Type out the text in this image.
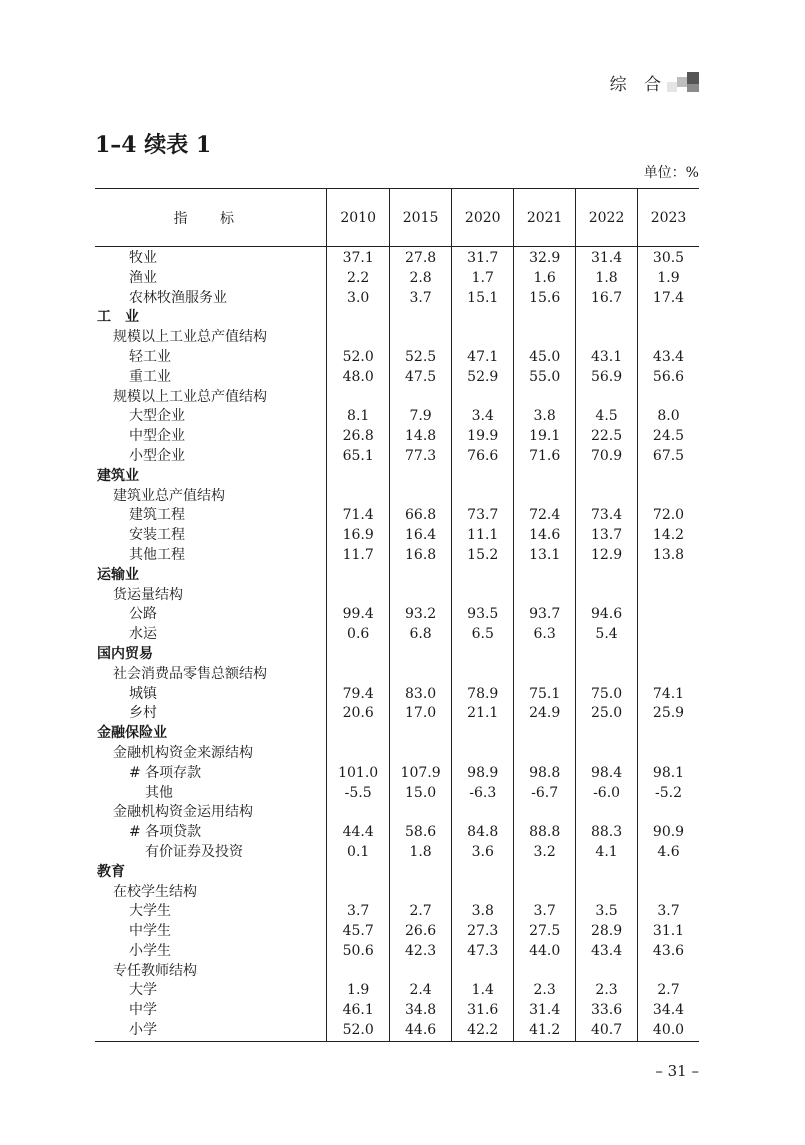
综 合
1–4 续表 1
单位：%
指 标	2010	2015	2020	2021	2022	2023
牧业	37.1	27.8	31.7	32.9	31.4	30.5
渔业	2.2	2.8	1.7	1.6	1.8	1.9
农林牧渔服务业	3.0	3.7	15.1	15.6	16.7	17.4
工　业						
规模以上工业总产值结构						
轻工业	52.0	52.5	47.1	45.0	43.1	43.4
重工业	48.0	47.5	52.9	55.0	56.9	56.6
规模以上工业总产值结构						
大型企业	8.1	7.9	3.4	3.8	4.5	8.0
中型企业	26.8	14.8	19.9	19.1	22.5	24.5
小型企业	65.1	77.3	76.6	71.6	70.9	67.5
建筑业						
建筑业总产值结构						
建筑工程	71.4	66.8	73.7	72.4	73.4	72.0
安装工程	16.9	16.4	11.1	14.6	13.7	14.2
其他工程	11.7	16.8	15.2	13.1	12.9	13.8
运输业						
货运量结构						
公路	99.4	93.2	93.5	93.7	94.6	
水运	0.6	6.8	6.5	6.3	5.4	
国内贸易						
社会消费品零售总额结构						
城镇	79.4	83.0	78.9	75.1	75.0	74.1
乡村	20.6	17.0	21.1	24.9	25.0	25.9
金融保险业						
金融机构资金来源结构						
# 各项存款	101.0	107.9	98.9	98.8	98.4	98.1
其他	-5.5	15.0	-6.3	-6.7	-6.0	-5.2
金融机构资金运用结构						
# 各项贷款	44.4	58.6	84.8	88.8	88.3	90.9
有价证券及投资	0.1	1.8	3.6	3.2	4.1	4.6
教育						
在校学生结构						
大学生	3.7	2.7	3.8	3.7	3.5	3.7
中学生	45.7	26.6	27.3	27.5	28.9	31.1
小学生	50.6	42.3	47.3	44.0	43.4	43.6
专任教师结构						
大学	1.9	2.4	1.4	2.3	2.3	2.7
中学	46.1	34.8	31.6	31.4	33.6	34.4
小学	52.0	44.6	42.2	41.2	40.7	40.0
– 31 –
